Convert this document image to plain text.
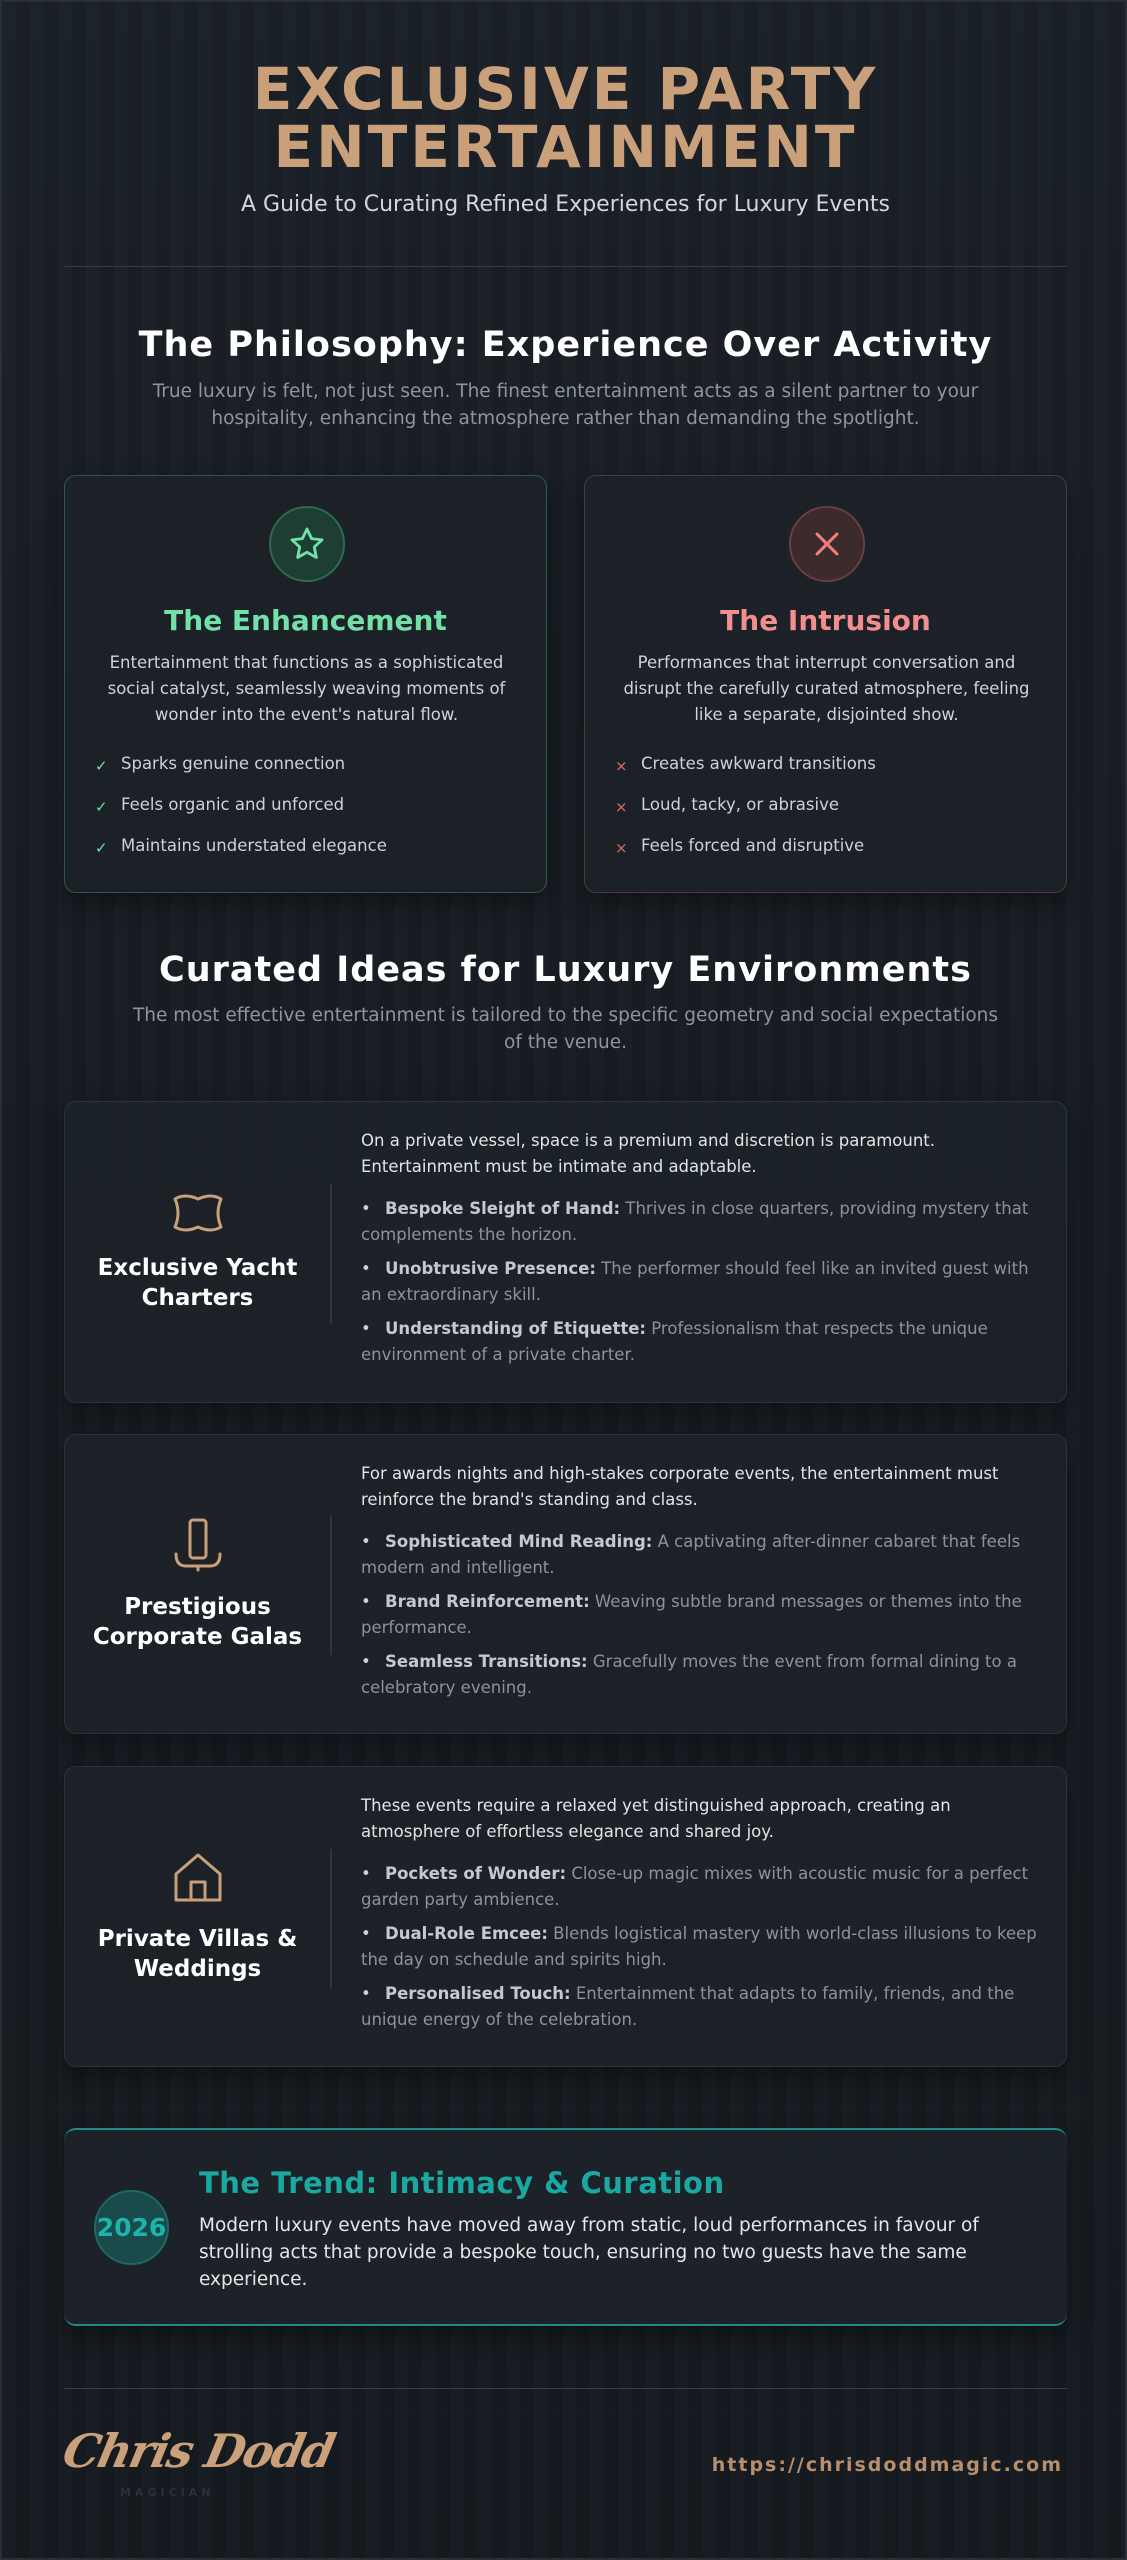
EXCLUSIVE PARTY
ENTERTAINMENT
A Guide to Curating Refined Experiences for Luxury Events
The Philosophy: Experience Over Activity

True luxury is felt, not just seen. The finest entertainment acts as a silent partner to your hospitality, enhancing the atmosphere rather than demanding the spotlight.

The Enhancement

Entertainment that functions as a sophisticated social catalyst, seamlessly weaving moments of wonder into the event's natural flow.

✓ Sparks genuine connection
✓ Feels organic and unforced
✓ Maintains understated elegance
The Intrusion

Performances that interrupt conversation and disrupt the carefully curated atmosphere, feeling like a separate, disjointed show.

× Creates awkward transitions
× Loud, tacky, or abrasive
× Feels forced and disruptive
Curated Ideas for Luxury Environments

The most effective entertainment is tailored to the specific geometry and social expectations of the venue.

Exclusive Yacht Charters

On a private vessel, space is a premium and discretion is paramount. Entertainment must be intimate and adaptable.

• Bespoke Sleight of Hand: Thrives in close quarters, providing mystery that complements the horizon.
• Unobtrusive Presence: The performer should feel like an invited guest with an extraordinary skill.
• Understanding of Etiquette: Professionalism that respects the unique environment of a private charter.
Prestigious Corporate Galas

For awards nights and high-stakes corporate events, the entertainment must reinforce the brand's standing and class.

• Sophisticated Mind Reading: A captivating after-dinner cabaret that feels modern and intelligent.
• Brand Reinforcement: Weaving subtle brand messages or themes into the performance.
• Seamless Transitions: Gracefully moves the event from formal dining to a celebratory evening.
Private Villas & Weddings

These events require a relaxed yet distinguished approach, creating an atmosphere of effortless elegance and shared joy.

• Pockets of Wonder: Close-up magic mixes with acoustic music for a perfect garden party ambience.
• Dual-Role Emcee: Blends logistical mastery with world-class illusions to keep the day on schedule and spirits high.
• Personalised Touch: Entertainment that adapts to family, friends, and the unique energy of the celebration.
2026
The Trend: Intimacy & Curation

Modern luxury events have moved away from static, loud performances in favour of strolling acts that provide a bespoke touch, ensuring no two guests have the same experience.

Chris Dodd
MAGICIAN
https://chrisdoddmagic.com
